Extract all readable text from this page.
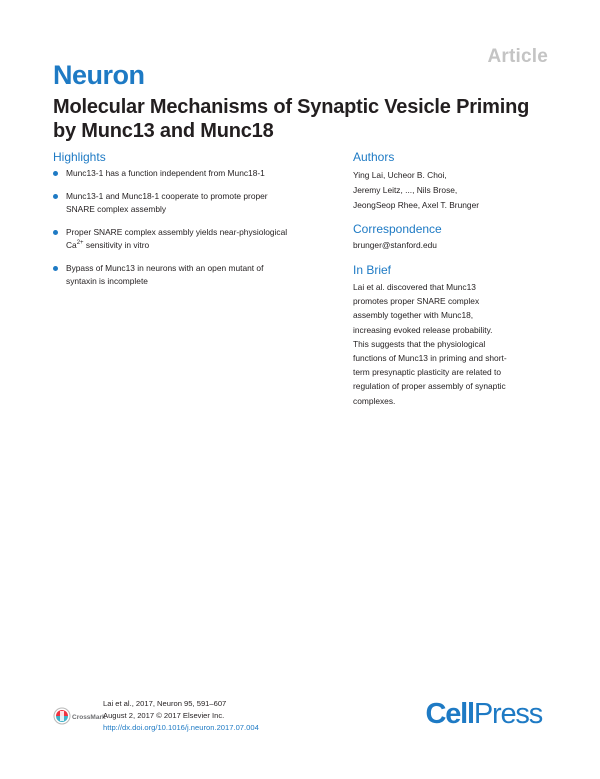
Article
Neuron
Molecular Mechanisms of Synaptic Vesicle Priming
by Munc13 and Munc18
Highlights
Munc13-1 has a function independent from Munc18-1
Munc13-1 and Munc18-1 cooperate to promote proper
SNARE complex assembly
Proper SNARE complex assembly yields near-physiological
$Ca^{2+}$ sensitivity in vitro
Bypass of Munc13 in neurons with an open mutant of
syntaxin is incomplete
Authors
Ying Lai, Ucheor B. Choi,
Jeremy Leitz, ..., Nils Brose,
JeongSeop Rhee, Axel T. Brunger
Correspondence
brunger@stanford.edu
In Brief
Lai et al. discovered that Munc13
promotes proper SNARE complex
assembly together with Munc18,
increasing evoked release probability.
This suggests that the physiological
functions of Munc13 in priming and short-
term presynaptic plasticity are related to
regulation of proper assembly of synaptic
complexes.
CrossMark
Lai et al., 2017, Neuron 95, 591–607
August 2, 2017 © 2017 Elsevier Inc.
http://dx.doi.org/10.1016/j.neuron.2017.07.004	CellPress
